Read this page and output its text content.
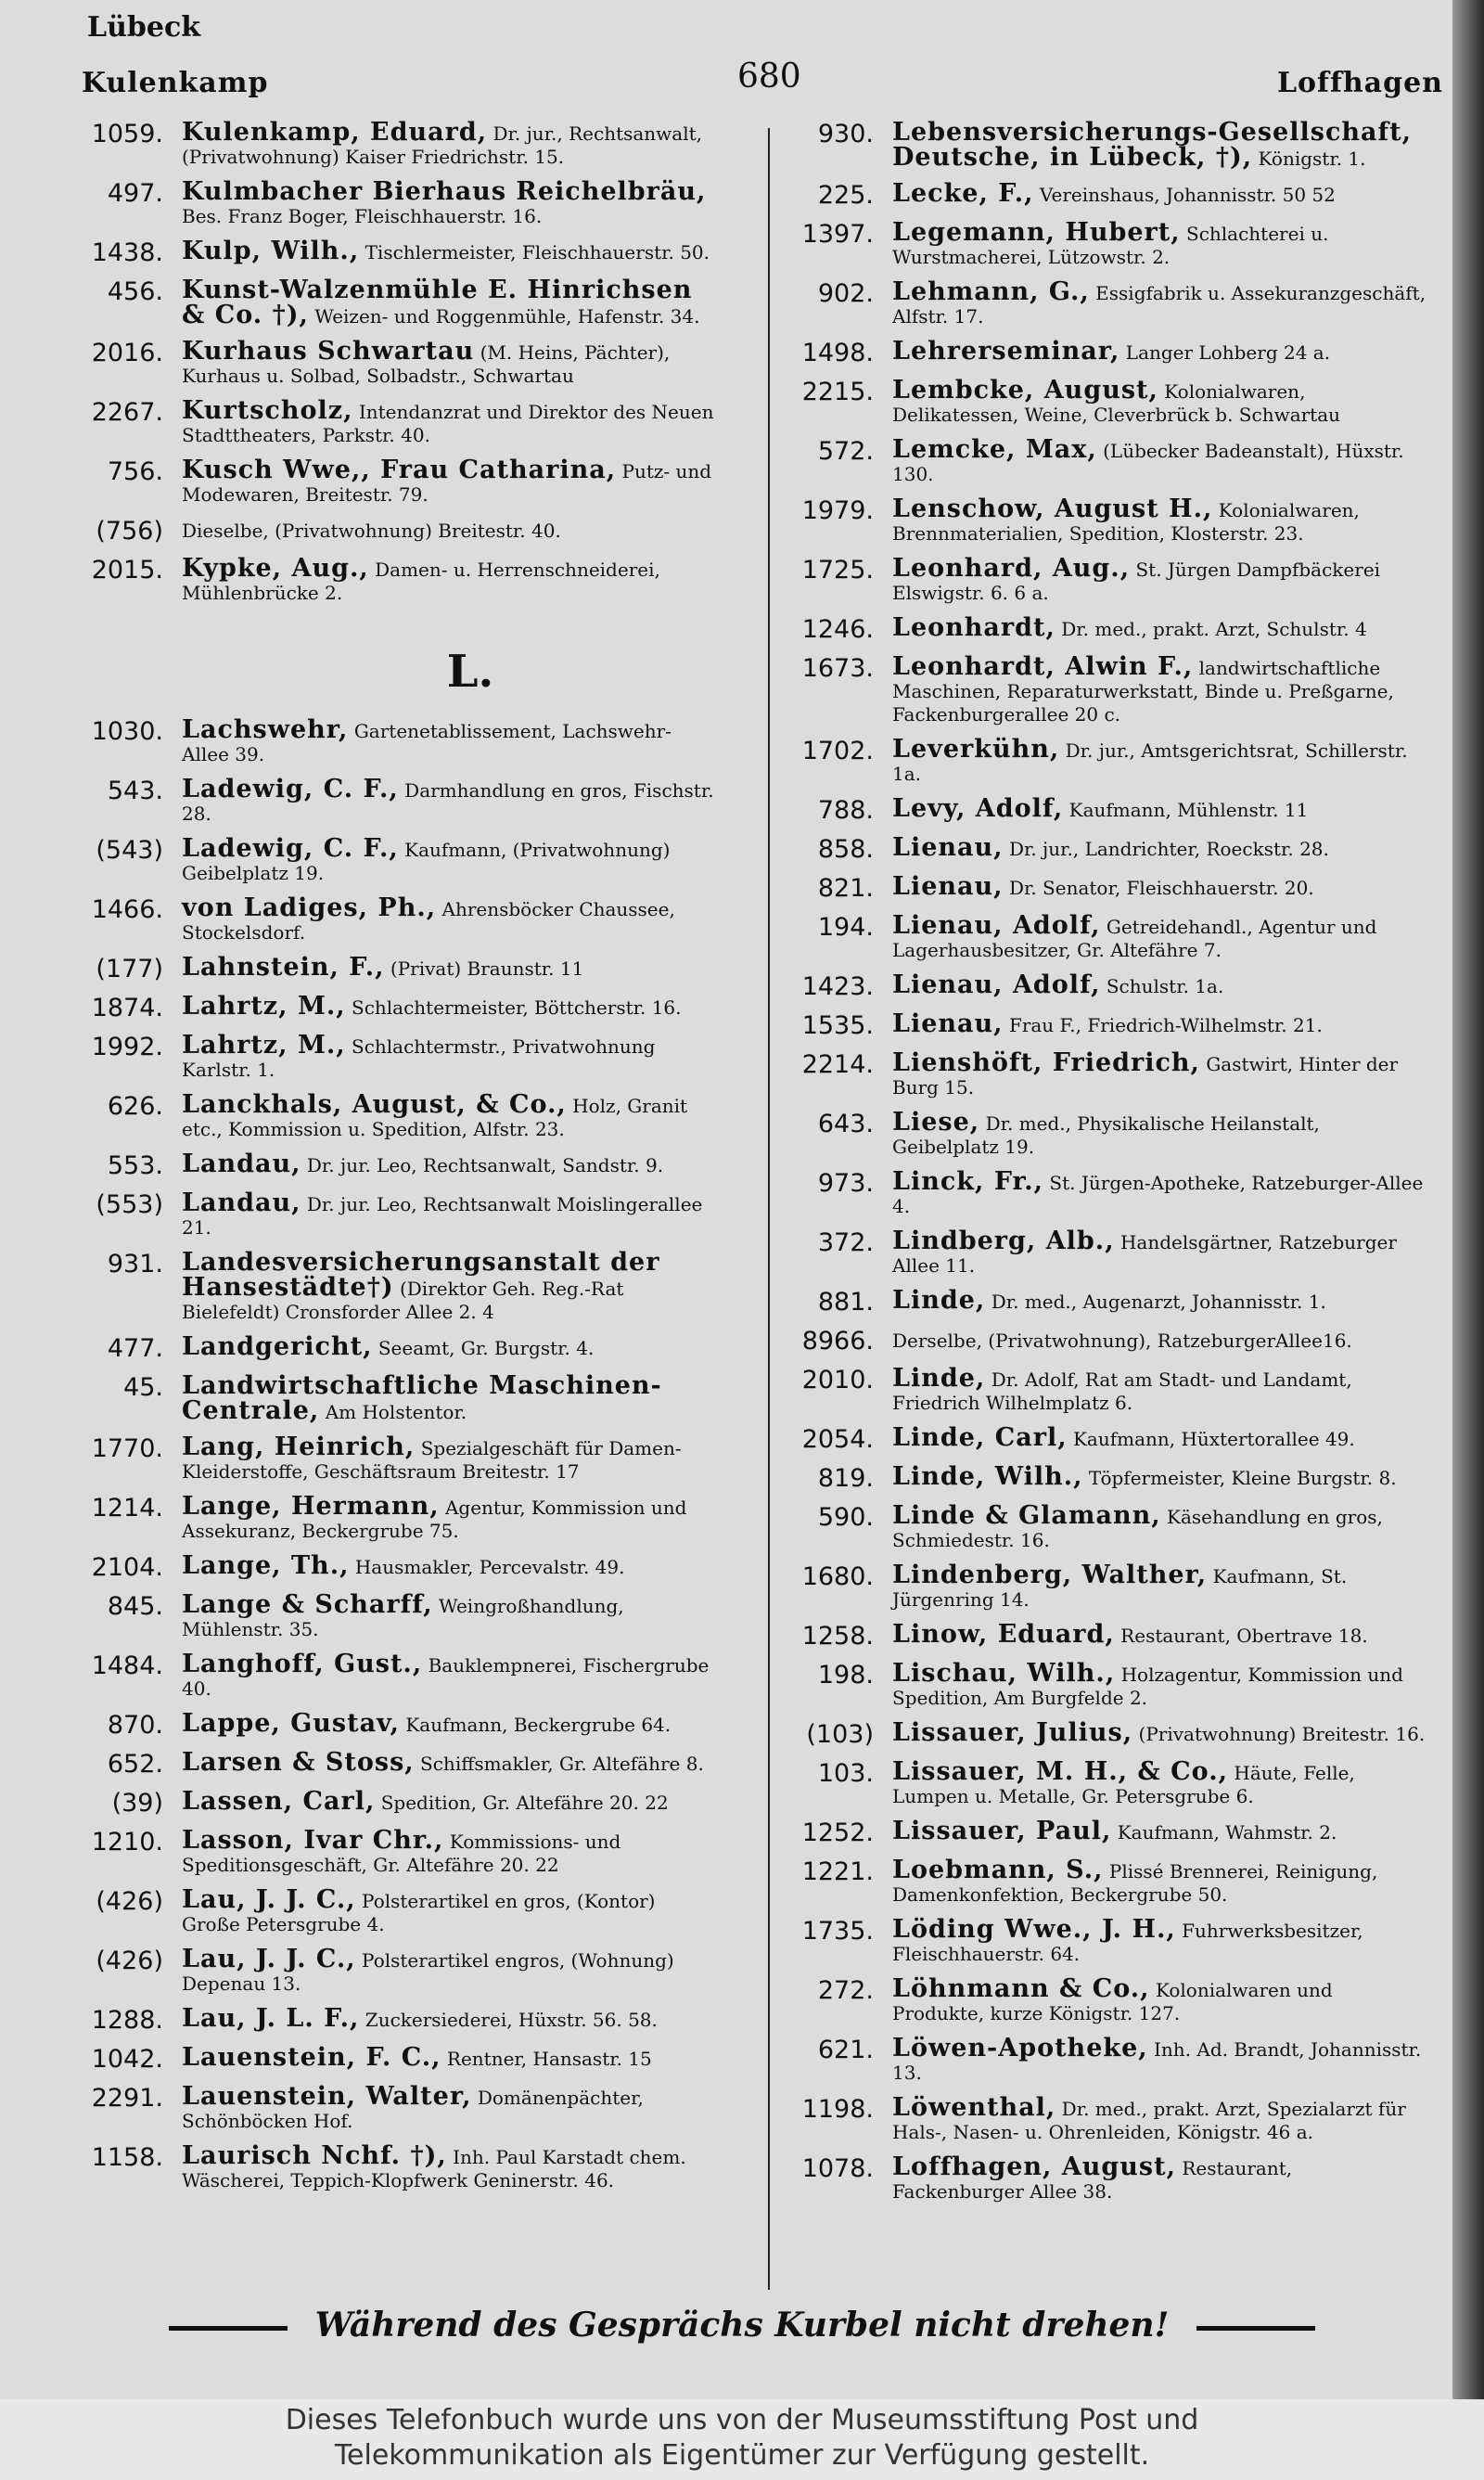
Lübeck
Kulenkamp	680	Loffhagen
1059. Kulenkamp, Eduard, Dr. jur., Rechtsanwalt, (Privatwohnung) Kaiser Friedrichstr. 15.
497. Kulmbacher Bierhaus Reichelbräu, Bes. Franz Boger, Fleischhauerstr. 16.
1438. Kulp, Wilh., Tischlermeister, Fleischhauerstr. 50.
456. Kunst-Walzenmühle E. Hinrichsen & Co. †), Weizen- und Roggenmühle, Hafenstr. 34.
2016. Kurhaus Schwartau (M. Heins, Pächter), Kurhaus u. Solbad, Solbadstr., Schwartau
2267. Kurtscholz, Intendanzrat und Direktor des Neuen Stadttheaters, Parkstr. 40.
756. Kusch Wwe,, Frau Catharina, Putz- und Modewaren, Breitestr. 79.
(756)	Dieselbe, (Privatwohnung) Breitestr. 40.
2015. Kypke, Aug., Damen- u. Herrenschneiderei, Mühlenbrücke 2.
L.
1030. Lachswehr, Gartenetablissement, Lachswehr-Allee 39.
543. Ladewig, C. F., Darmhandlung en gros, Fischstr. 28.
(543) Ladewig, C. F., Kaufmann, (Privatwohnung) Geibelplatz 19.
1466. von Ladiges, Ph., Ahrensböcker Chaussee, Stockelsdorf.
(177) Lahnstein, F., (Privat) Braunstr. 11
1874. Lahrtz, M., Schlachtermeister, Böttcherstr. 16.
1992. Lahrtz, M., Schlachtermstr., Privatwohnung Karlstr. 1.
626. Lanckhals, August, & Co., Holz, Granit etc., Kommission u. Spedition, Alfstr. 23.
553. Landau, Dr. jur. Leo, Rechtsanwalt, Sandstr. 9.
(553) Landau, Dr. jur. Leo, Rechtsanwalt Moislingerallee 21.
931. Landesversicherungsanstalt der Hansestädte†) (Direktor Geh. Reg.-Rat Bielefeldt) Cronsforder Allee 2. 4
477. Landgericht, Seeamt, Gr. Burgstr. 4.
45. Landwirtschaftliche Maschinen-Centrale, Am Holstentor.
1770. Lang, Heinrich, Spezialgeschäft für Damen-Kleiderstoffe, Geschäftsraum Breitestr. 17
1214. Lange, Hermann, Agentur, Kommission und Assekuranz, Beckergrube 75.
2104. Lange, Th., Hausmakler, Percevalstr. 49.
845. Lange & Scharff, Weingroßhandlung, Mühlenstr. 35.
1484. Langhoff, Gust., Bauklempnerei, Fischergrube 40.
870. Lappe, Gustav, Kaufmann, Beckergrube 64.
652. Larsen & Stoss, Schiffsmakler, Gr. Altefähre 8.
(39) Lassen, Carl, Spedition, Gr. Altefähre 20. 22
1210. Lasson, Ivar Chr., Kommissions- und Speditionsgeschäft, Gr. Altefähre 20. 22
(426) Lau, J. J. C., Polsterartikel en gros, (Kontor) Große Petersgrube 4.
(426) Lau, J. J. C., Polsterartikel engros, (Wohnung) Depenau 13.
1288. Lau, J. L. F., Zuckersiederei, Hüxstr. 56. 58.
1042. Lauenstein, F. C., Rentner, Hansastr. 15
2291. Lauenstein, Walter, Domänenpächter, Schönböcken Hof.
1158. Laurisch Nchf. †), Inh. Paul Karstadt chem. Wäscherei, Teppich-Klopfwerk Geninerstr. 46.
930. Lebensversicherungs-Gesellschaft, Deutsche, in Lübeck, †), Königstr. 1.
225. Lecke, F., Vereinshaus, Johannisstr. 50 52
1397. Legemann, Hubert, Schlachterei u. Wurstmacherei, Lützowstr. 2.
902. Lehmann, G., Essigfabrik u. Assekuranzgeschäft, Alfstr. 17.
1498. Lehrerseminar, Langer Lohberg 24 a.
2215. Lembcke, August, Kolonialwaren, Delikatessen, Weine, Cleverbrück b. Schwartau
572. Lemcke, Max, (Lübecker Badeanstalt), Hüxstr. 130.
1979. Lenschow, August H., Kolonialwaren, Brennmaterialien, Spedition, Klosterstr. 23.
1725. Leonhard, Aug., St. Jürgen Dampfbäckerei Elswigstr. 6. 6 a.
1246. Leonhardt, Dr. med., prakt. Arzt, Schulstr. 4
1673. Leonhardt, Alwin F., landwirtschaftliche Maschinen, Reparaturwerkstatt, Binde u. Preßgarne, Fackenburgerallee 20 c.
1702. Leverkühn, Dr. jur., Amtsgerichtsrat, Schillerstr. 1a.
788. Levy, Adolf, Kaufmann, Mühlenstr. 11
858. Lienau, Dr. jur., Landrichter, Roeckstr. 28.
821. Lienau, Dr. Senator, Fleischhauerstr. 20.
194. Lienau, Adolf, Getreidehandl., Agentur und Lagerhausbesitzer, Gr. Altefähre 7.
1423. Lienau, Adolf, Schulstr. 1a.
1535. Lienau, Frau F., Friedrich-Wilhelmstr. 21.
2214. Lienshöft, Friedrich, Gastwirt, Hinter der Burg 15.
643. Liese, Dr. med., Physikalische Heilanstalt, Geibelplatz 19.
973. Linck, Fr., St. Jürgen-Apotheke, Ratzeburger-Allee 4.
372. Lindberg, Alb., Handelsgärtner, Ratzeburger Allee 11.
881. Linde, Dr. med., Augenarzt, Johannisstr. 1.
8966.	Derselbe, (Privatwohnung), RatzeburgerAllee16.
2010. Linde, Dr. Adolf, Rat am Stadt- und Landamt, Friedrich Wilhelmplatz 6.
2054. Linde, Carl, Kaufmann, Hüxtertorallee 49.
819. Linde, Wilh., Töpfermeister, Kleine Burgstr. 8.
590. Linde & Glamann, Käsehandlung en gros, Schmiedestr. 16.
1680. Lindenberg, Walther, Kaufmann, St. Jürgenring 14.
1258. Linow, Eduard, Restaurant, Obertrave 18.
198. Lischau, Wilh., Holzagentur, Kommission und Spedition, Am Burgfelde 2.
(103) Lissauer, Julius, (Privatwohnung) Breitestr. 16.
103. Lissauer, M. H., & Co., Häute, Felle, Lumpen u. Metalle, Gr. Petersgrube 6.
1252. Lissauer, Paul, Kaufmann, Wahmstr. 2.
1221. Loebmann, S., Plissé Brennerei, Reinigung, Damenkonfektion, Beckergrube 50.
1735. Löding Wwe., J. H., Fuhrwerksbesitzer, Fleischhauerstr. 64.
272. Löhnmann & Co., Kolonialwaren und Produkte, kurze Königstr. 127.
621. Löwen-Apotheke, Inh. Ad. Brandt, Johannisstr. 13.
1198. Löwenthal, Dr. med., prakt. Arzt, Spezialarzt für Hals-, Nasen- u. Ohrenleiden, Königstr. 46 a.
1078. Loffhagen, August, Restaurant, Fackenburger Allee 38.
Während des Gesprächs Kurbel nicht drehen!
Dieses Telefonbuch wurde uns von der Museumsstiftung Post und
Telekommunikation als Eigentümer zur Verfügung gestellt.
